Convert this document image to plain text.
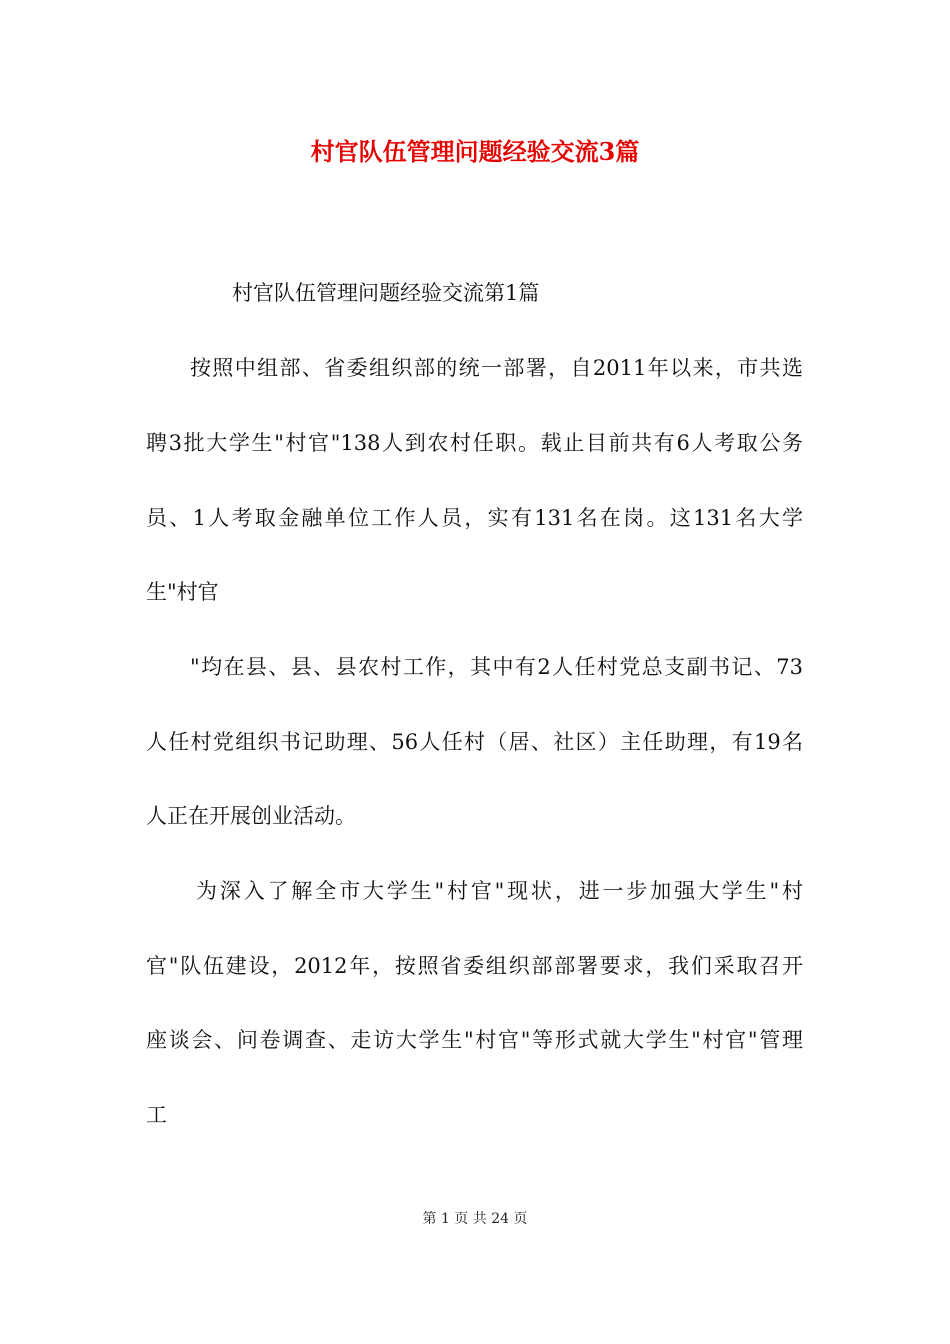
村官队伍管理问题经验交流3篇

村官队伍管理问题经验交流第1篇

按照中组部、省委组织部的统一部署，自2011年以来，市共选

聘3批大学生"村官"138人到农村任职。载止目前共有6人考取公务

员、1人考取金融单位工作人员，实有131名在岗。这131名大学

生"村官

"均在县、县、县农村工作，其中有2人任村党总支副书记、73

人任村党组织书记助理、56人任村（居、社区）主任助理，有19名

人正在开展创业活动。

为深入了解全市大学生"村官"现状，进一步加强大学生"村

官"队伍建设，2012年，按照省委组织部部署要求，我们采取召开

座谈会、问卷调查、走访大学生"村官"等形式就大学生"村官"管理

工

第 1 页 共 24 页
